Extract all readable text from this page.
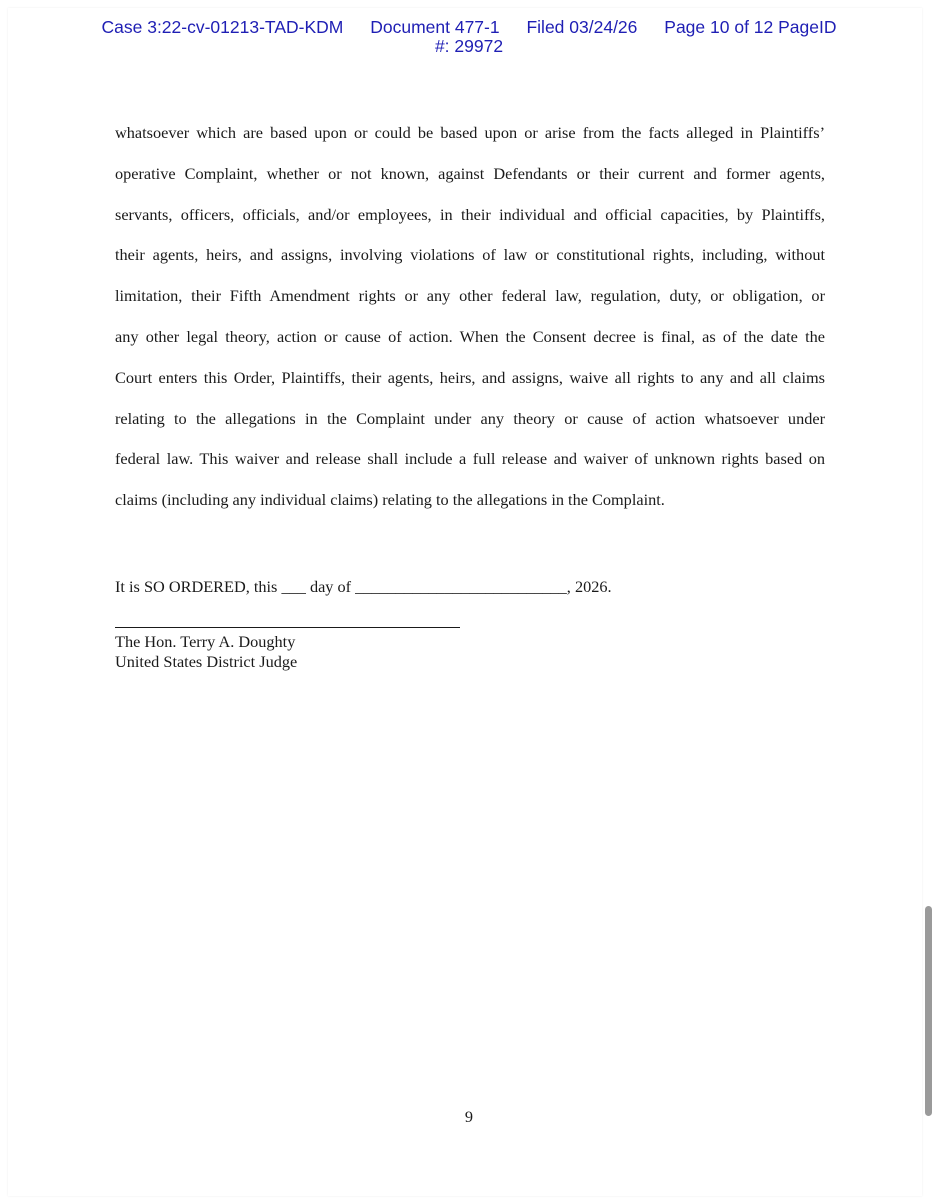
Case 3:22-cv-01213-TAD-KDM Document 477-1 Filed 03/24/26 Page 10 of 12 PageID
#: 29972
whatsoever which are based upon or could be based upon or arise from the facts alleged in Plaintiffs’
operative Complaint, whether or not known, against Defendants or their current and former agents,
servants, officers, officials, and/or employees, in their individual and official capacities, by Plaintiffs,
their agents, heirs, and assigns, involving violations of law or constitutional rights, including, without
limitation, their Fifth Amendment rights or any other federal law, regulation, duty, or obligation, or
any other legal theory, action or cause of action. When the Consent decree is final, as of the date the
Court enters this Order, Plaintiffs, their agents, heirs, and assigns, waive all rights to any and all claims
relating to the allegations in the Complaint under any theory or cause of action whatsoever under
federal law. This waiver and release shall include a full release and waiver of unknown rights based on
claims (including any individual claims) relating to the allegations in the Complaint.
It is SO ORDERED, this ___ day of __________________________, 2026.
The Hon. Terry A. Doughty
United States District Judge
9
